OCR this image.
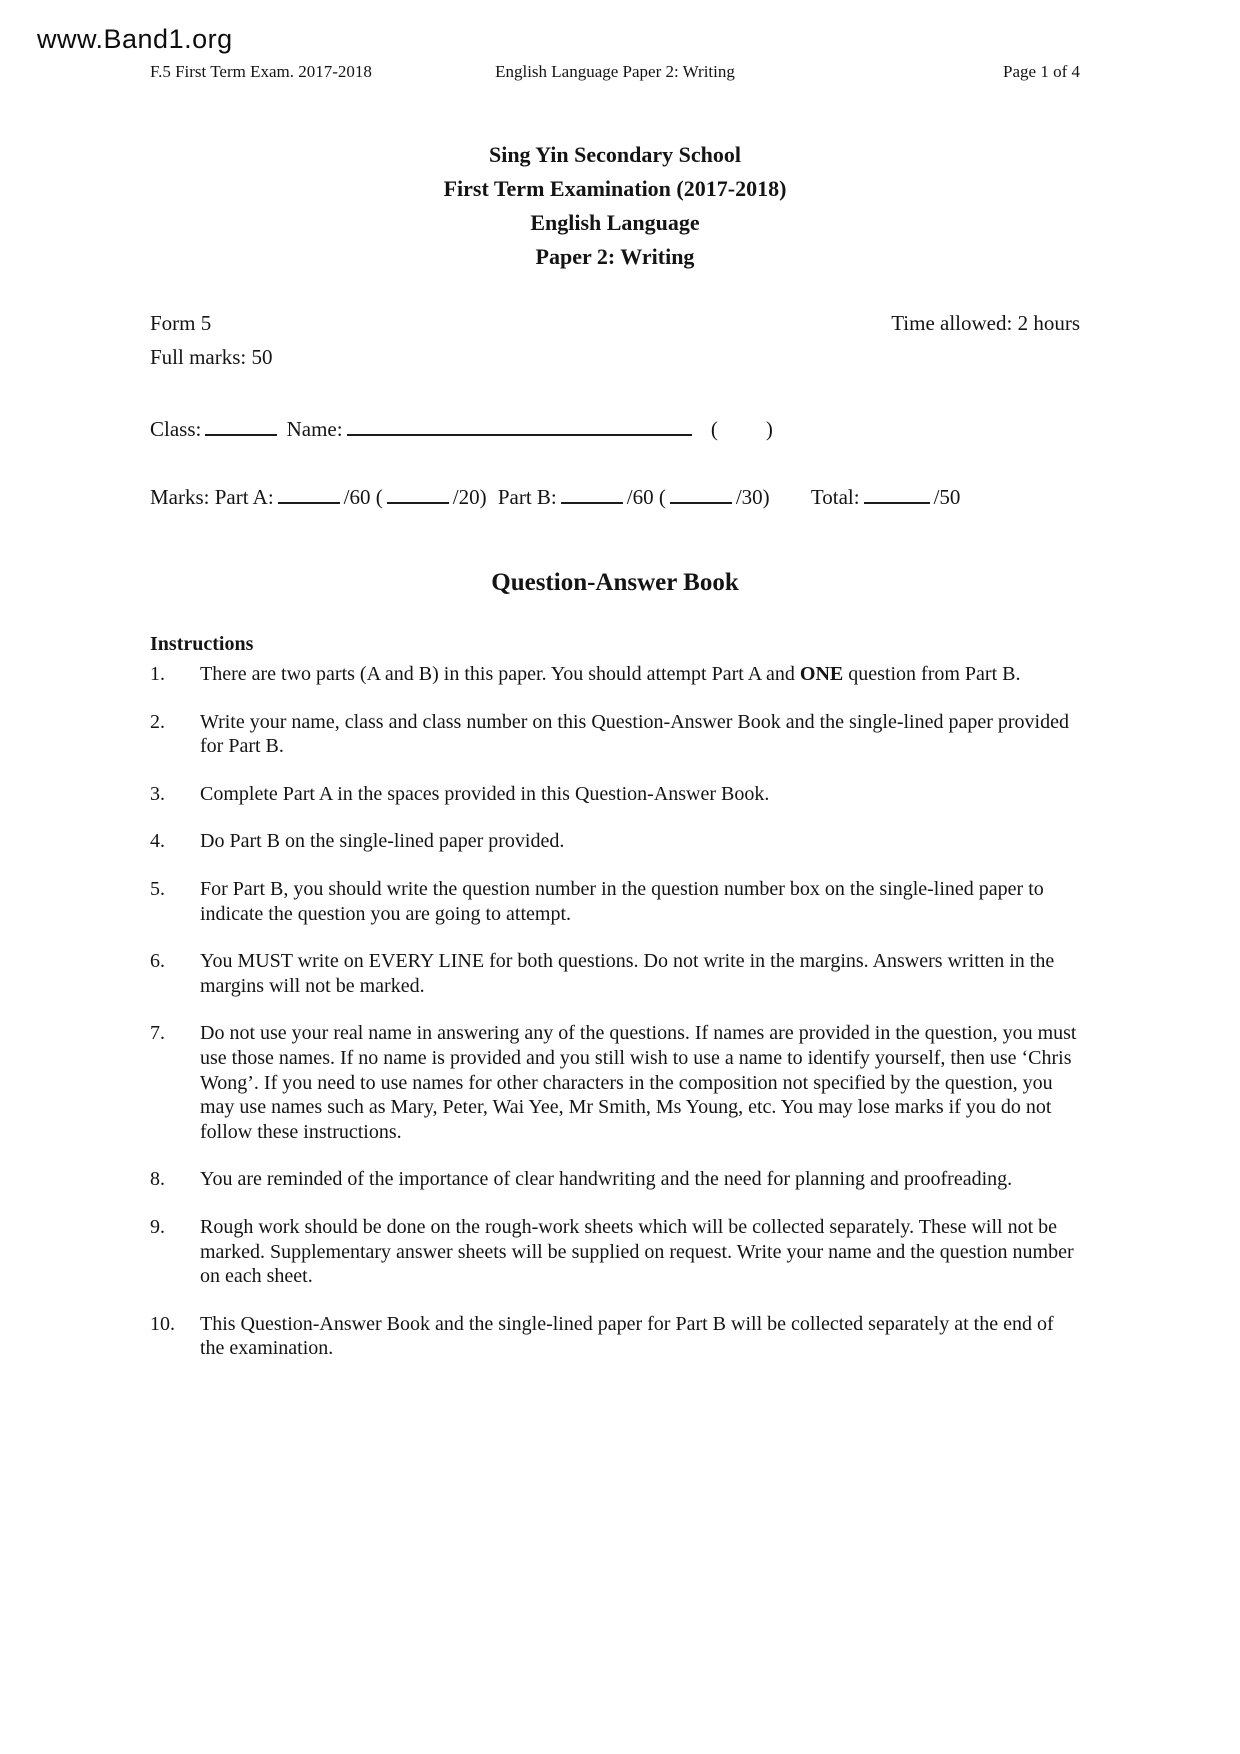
www.Band1.org
F.5 First Term Exam. 2017-2018	English Language Paper 2: Writing	Page 1 of 4
Sing Yin Secondary School
First Term Examination (2017-2018)
English Language
Paper 2: Writing
Form 5	Time allowed: 2 hours
Full marks: 50
Class:	Name:	( )
Marks: Part A:	/60 (	/20) Part B:	/60 (	/30) Total:	/50
Question-Answer Book
Instructions
1.	There are two parts (A and B) in this paper. You should attempt Part A and ONE question from Part B.
2.	Write your name, class and class number on this Question-Answer Book and the single-lined paper provided for Part B.
3.	Complete Part A in the spaces provided in this Question-Answer Book.
4.	Do Part B on the single-lined paper provided.
5.	For Part B, you should write the question number in the question number box on the single-lined paper to indicate the question you are going to attempt.
6.	You MUST write on EVERY LINE for both questions. Do not write in the margins. Answers written in the margins will not be marked.
7.	Do not use your real name in answering any of the questions. If names are provided in the question, you must use those names. If no name is provided and you still wish to use a name to identify yourself, then use ‘Chris Wong’. If you need to use names for other characters in the composition not specified by the question, you may use names such as Mary, Peter, Wai Yee, Mr Smith, Ms Young, etc. You may lose marks if you do not follow these instructions.
8.	You are reminded of the importance of clear handwriting and the need for planning and proofreading.
9.	Rough work should be done on the rough-work sheets which will be collected separately. These will not be marked. Supplementary answer sheets will be supplied on request. Write your name and the question number on each sheet.
10.	This Question-Answer Book and the single-lined paper for Part B will be collected separately at the end of the examination.
